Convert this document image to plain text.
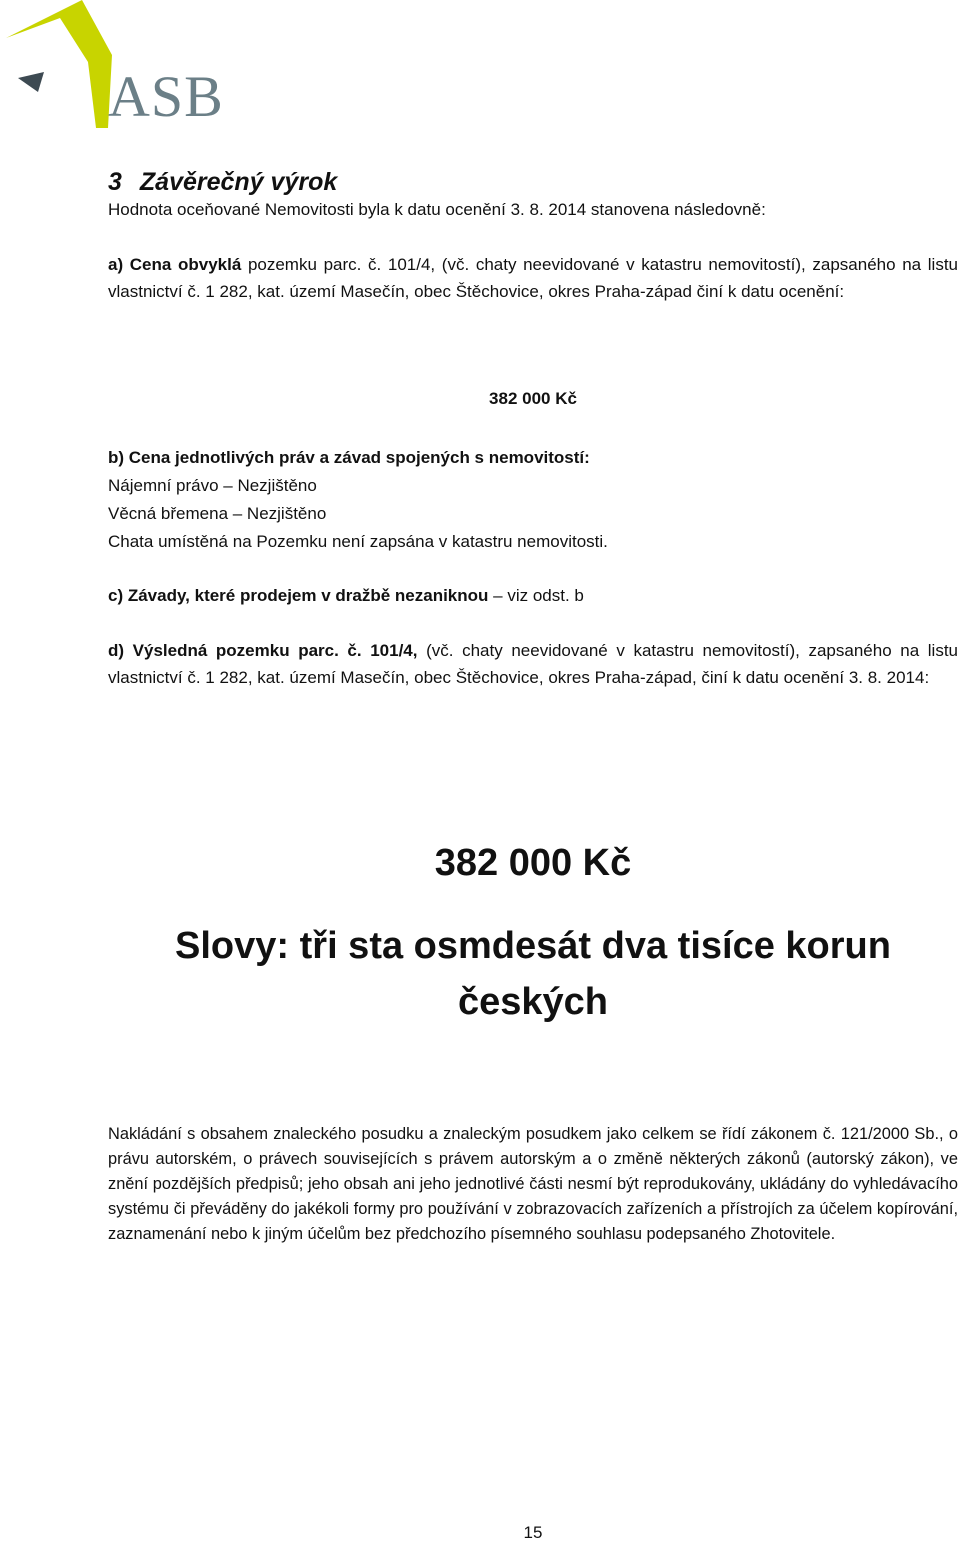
ASB
3 Závěrečný výrok

Hodnota oceňované Nemovitosti byla k datu ocenění 3. 8. 2014 stanovena následovně:

a) Cena obvyklá pozemku parc. č. 101/4, (vč. chaty neevidované v katastru nemovitostí), zapsaného na listu vlastnictví č. 1 282, kat. území Masečín, obec Štěchovice, okres Praha-západ činí k datu ocenění:

382 000 Kč

b) Cena jednotlivých práv a závad spojených s nemovitostí:

Nájemní právo – Nezjištěno

Věcná břemena – Nezjištěno

Chata umístěná na Pozemku není zapsána v katastru nemovitosti.

c) Závady, které prodejem v dražbě nezaniknou – viz odst. b

d) Výsledná pozemku parc. č. 101/4, (vč. chaty neevidované v katastru nemovitostí), zapsaného na listu vlastnictví č. 1 282, kat. území Masečín, obec Štěchovice, okres Praha-západ, činí k datu ocenění 3. 8. 2014:

382 000 Kč
Slovy: tři sta osmdesát dva tisíce korun českých

Nakládání s obsahem znaleckého posudku a znaleckým posudkem jako celkem se řídí zákonem č. 121/2000 Sb., o právu autorském, o právech souvisejících s právem autorským a o změně některých zákonů (autorský zákon), ve znění pozdějších předpisů; jeho obsah ani jeho jednotlivé části nesmí být reprodukovány, ukládány do vyhledávacího systému či převáděny do jakékoli formy pro používání v zobrazovacích zařízeních a přístrojích za účelem kopírování, zaznamenání nebo k jiným účelům bez předchozího písemného souhlasu podepsaného Zhotovitele.

15
